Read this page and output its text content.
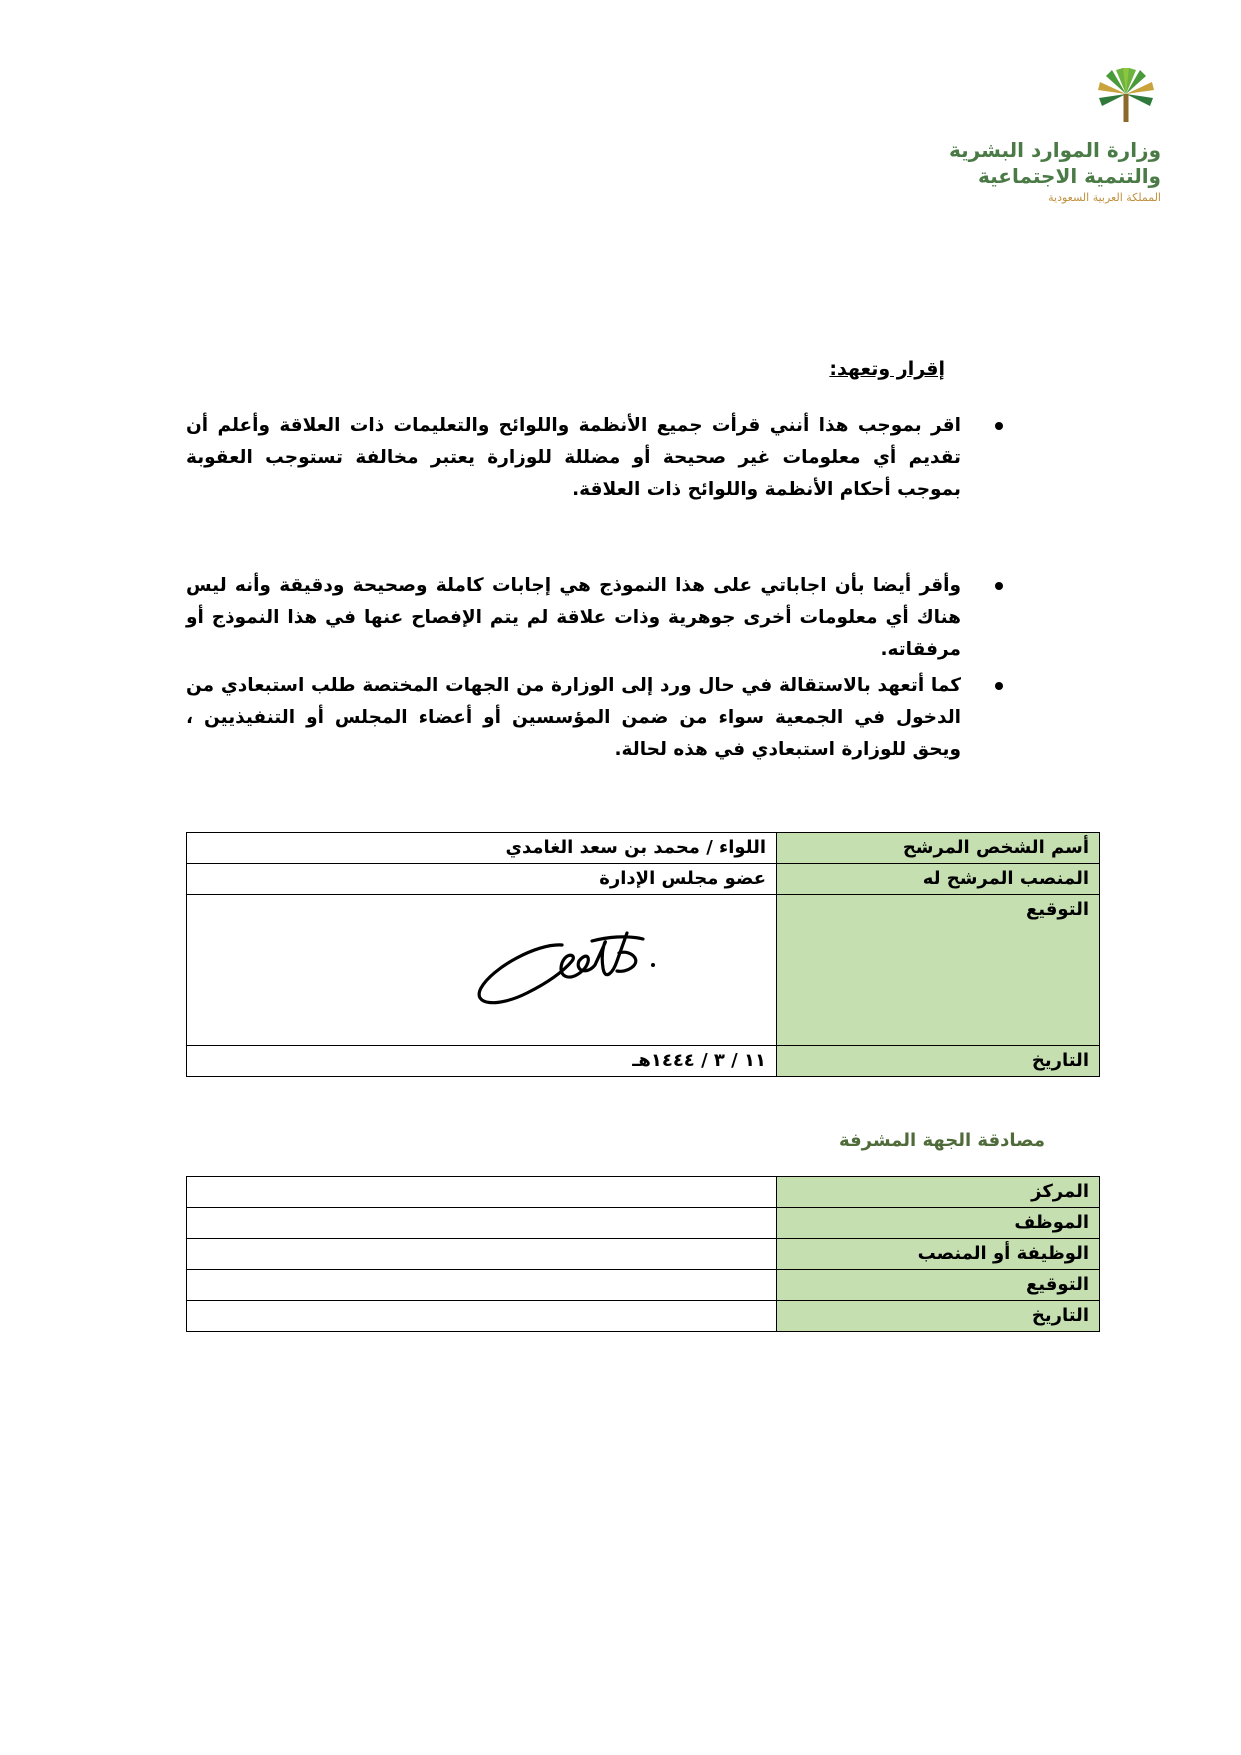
وزارة الموارد البشرية
والتنمية الاجتماعية
المملكة العربية السعودية
إقرار وتعهد:
اقر بموجب هذا أنني قرأت جميع الأنظمة واللوائح والتعليمات ذات العلاقة وأعلم أن تقديم أي معلومات غير صحيحة أو مضللة للوزارة يعتبر مخالفة تستوجب العقوبة بموجب أحكام الأنظمة واللوائح ذات العلاقة.
وأقر أيضا بأن اجاباتي على هذا النموذج هي إجابات كاملة وصحيحة ودقيقة وأنه ليس هناك أي معلومات أخرى جوهرية وذات علاقة لم يتم الإفصاح عنها في هذا النموذج أو مرفقاته.
كما أتعهد بالاستقالة في حال ورد إلى الوزارة من الجهات المختصة طلب استبعادي من الدخول في الجمعية سواء من ضمن المؤسسين أو أعضاء المجلس أو التنفيذيين ، ويحق للوزارة استبعادي في هذه لحالة.
أسم الشخص المرشح	اللواء / محمد بن سعد الغامدي
المنصب المرشح له	عضو مجلس الإدارة
التوقيع	

التاريخ	١١ / ٣ / ١٤٤٤هـ
مصادقة الجهة المشرفة
المركز	
الموظف	
الوظيفة أو المنصب	
التوقيع	
التاريخ	
